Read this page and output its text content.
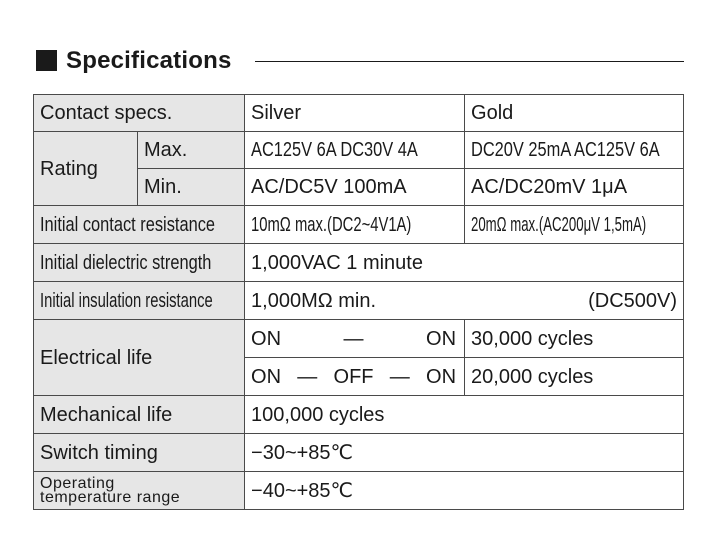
Specifications
Contact specs.		Silver	Gold
Rating	Max.	AC125V 6A DC30V 4A	DC20V 25mA AC125V 6A
	Min.	AC/DC5V 100mA	AC/DC20mV 1μA
Initial contact resistance		10mΩ max.(DC2~4V1A)	20mΩ max.(AC200μV 1,5mA)
Initial dielectric strength		1,000VAC 1 minute	
Initial insulation resistance		1,000MΩ min. (DC500V)	

Electrical life		ON — ON	30,000 cycles

		ON — OFF — ON	20,000 cycles
Mechanical life		100,000 cycles	
Switch timing		−30~+85℃	

Operating
temperature range		−40~+85℃	
